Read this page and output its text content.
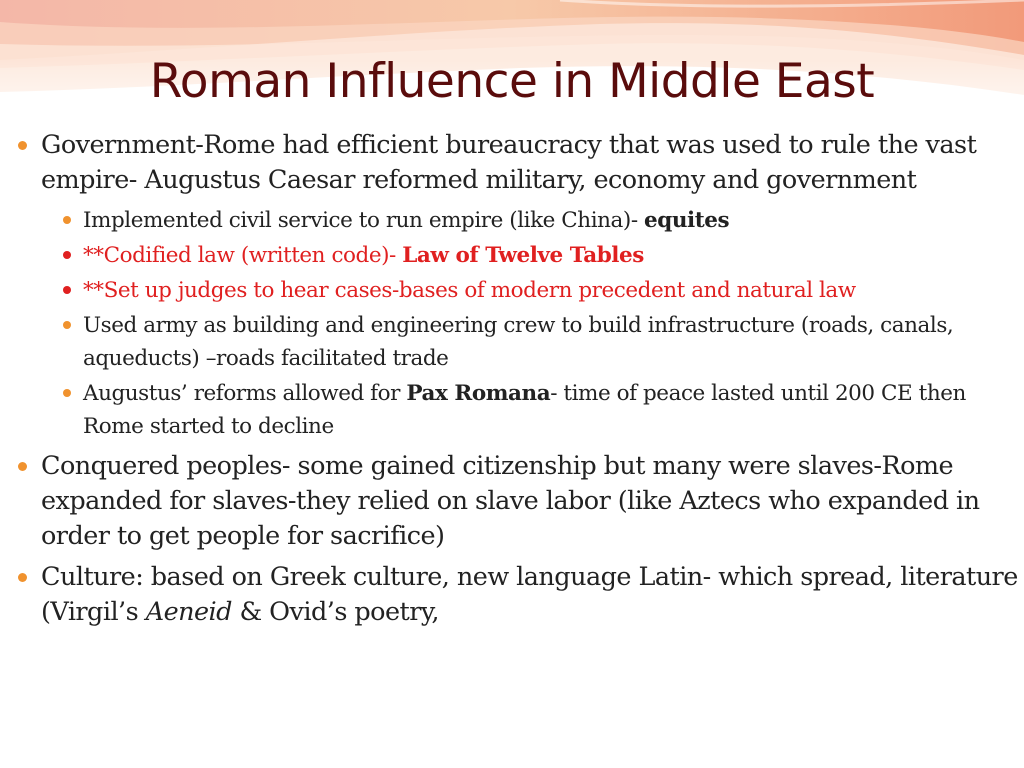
Roman Influence in Middle East
Government-Rome had efficient bureaucracy that was used to rule the vast empire- Augustus Caesar reformed military, economy and government
Implemented civil service to run empire (like China)- equites
**Codified law (written code)- Law of Twelve Tables
**Set up judges to hear cases-bases of modern precedent and natural law
Used army as building and engineering crew to build infrastructure (roads, canals, aqueducts) –roads facilitated trade
Augustus’ reforms allowed for Pax Romana- time of peace lasted until 200 CE then Rome started to decline
Conquered peoples- some gained citizenship but many were slaves-Rome expanded for slaves-they relied on slave labor (like Aztecs who expanded in order to get people for sacrifice)
Culture: based on Greek culture, new language Latin- which spread, literature (Virgil’s Aeneid & Ovid’s poetry,
